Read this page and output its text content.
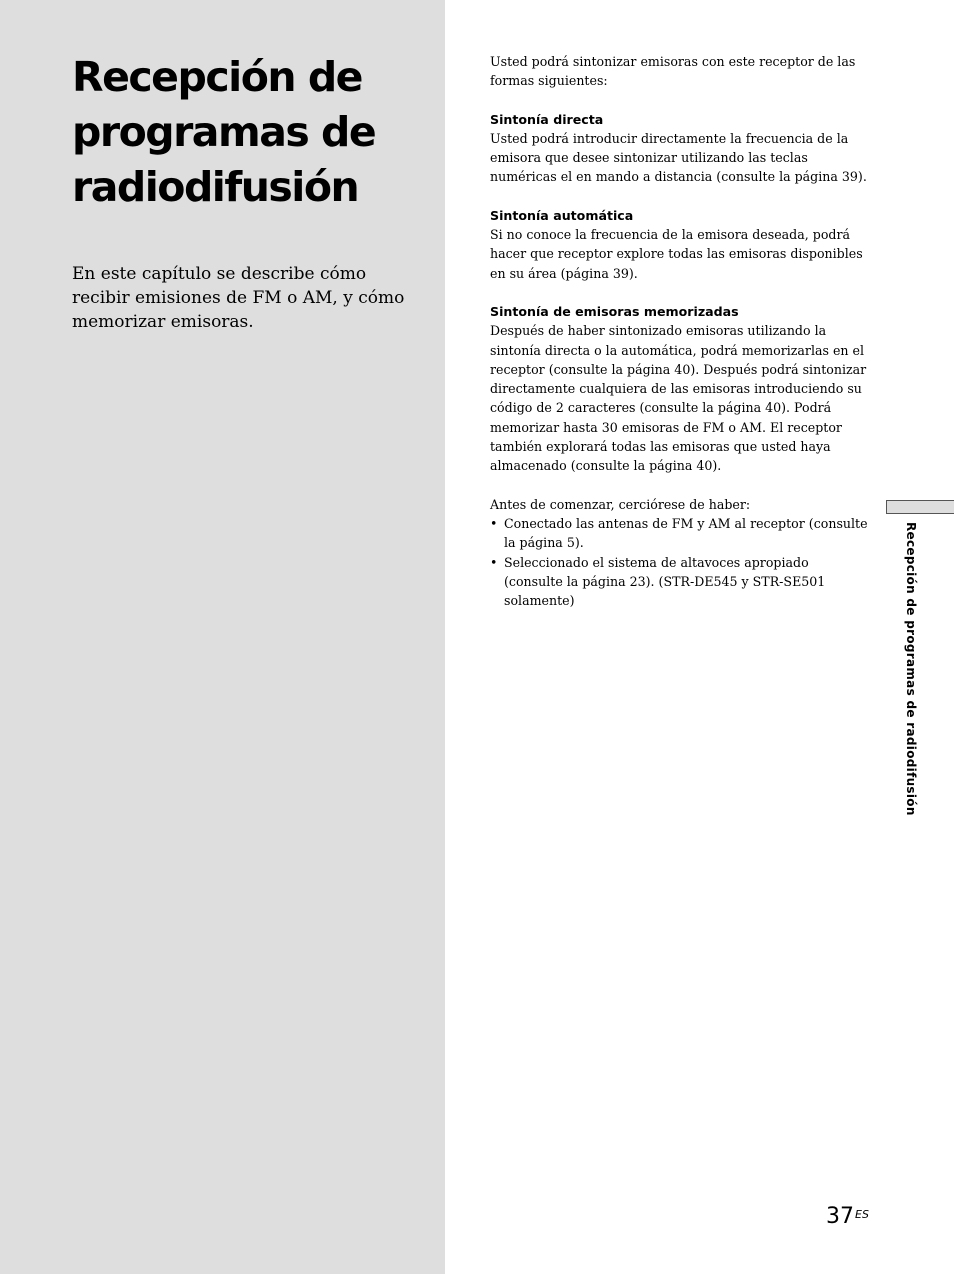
Recepción de programas de radiodifusión

En este capítulo se describe cómo recibir emisiones de FM o AM, y cómo memorizar emisoras.

Usted podrá sintonizar emisoras con este receptor de las formas siguientes:

Sintonía directa

Usted podrá introducir directamente la frecuencia de la emisora que desee sintonizar utilizando las teclas numéricas el en mando a distancia (consulte la página 39).

Sintonía automática

Si no conoce la frecuencia de la emisora deseada, podrá hacer que receptor explore todas las emisoras disponibles en su área (página 39).

Sintonía de emisoras memorizadas

Después de haber sintonizado emisoras utilizando la sintonía directa o la automática, podrá memorizarlas en el receptor (consulte la página 40). Después podrá sintonizar directamente cualquiera de las emisoras introduciendo su código de 2 caracteres (consulte la página 40). Podrá memorizar hasta 30 emisoras de FM o AM. El receptor también explorará todas las emisoras que usted haya almacenado (consulte la página 40).

Antes de comenzar, cerciórese de haber:

• Conectado las antenas de FM y AM al receptor (consulte la página 5).
• Seleccionado el sistema de altavoces apropiado (consulte la página 23). (STR-DE545 y STR-SE501 solamente)	Recepción de programas de radiodifusión
$37^{ES}$
